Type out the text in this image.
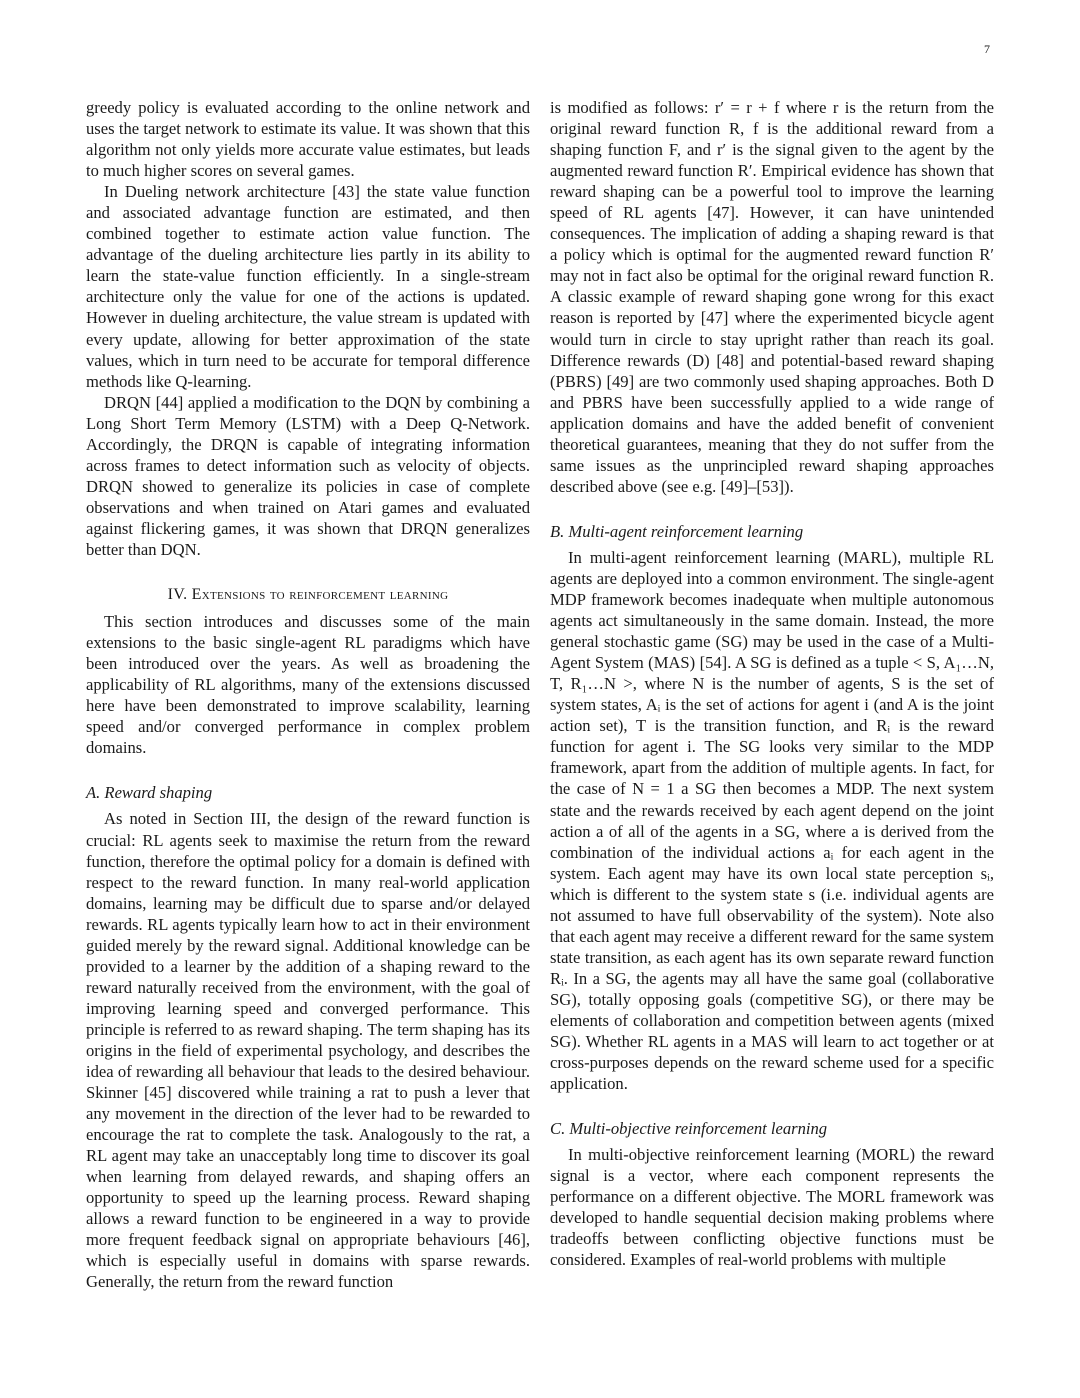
7

greedy policy is evaluated according to the online network and uses the target network to estimate its value. It was shown that this algorithm not only yields more accurate value estimates, but leads to much higher scores on several games.

In Dueling network architecture [43] the state value function and associated advantage function are estimated, and then combined together to estimate action value function. The advantage of the dueling architecture lies partly in its ability to learn the state-value function efficiently. In a single-stream architecture only the value for one of the actions is updated. However in dueling architecture, the value stream is updated with every update, allowing for better approximation of the state values, which in turn need to be accurate for temporal difference methods like Q-learning.

DRQN [44] applied a modification to the DQN by combining a Long Short Term Memory (LSTM) with a Deep Q-Network. Accordingly, the DRQN is capable of integrating information across frames to detect information such as velocity of objects. DRQN showed to generalize its policies in case of complete observations and when trained on Atari games and evaluated against flickering games, it was shown that DRQN generalizes better than DQN.

IV. Extensions to reinforcement learning

This section introduces and discusses some of the main extensions to the basic single-agent RL paradigms which have been introduced over the years. As well as broadening the applicability of RL algorithms, many of the extensions discussed here have been demonstrated to improve scalability, learning speed and/or converged performance in complex problem domains.

A. Reward shaping

As noted in Section III, the design of the reward function is crucial: RL agents seek to maximise the return from the reward function, therefore the optimal policy for a domain is defined with respect to the reward function. In many real-world application domains, learning may be difficult due to sparse and/or delayed rewards. RL agents typically learn how to act in their environment guided merely by the reward signal. Additional knowledge can be provided to a learner by the addition of a shaping reward to the reward naturally received from the environment, with the goal of improving learning speed and converged performance. This principle is referred to as reward shaping. The term shaping has its origins in the field of experimental psychology, and describes the idea of rewarding all behaviour that leads to the desired behaviour. Skinner [45] discovered while training a rat to push a lever that any movement in the direction of the lever had to be rewarded to encourage the rat to complete the task. Analogously to the rat, a RL agent may take an unacceptably long time to discover its goal when learning from delayed rewards, and shaping offers an opportunity to speed up the learning process. Reward shaping allows a reward function to be engineered in a way to provide more frequent feedback signal on appropriate behaviours [46], which is especially useful in domains with sparse rewards. Generally, the return from the reward function

is modified as follows: r′ = r + f where r is the return from the original reward function R, f is the additional reward from a shaping function F, and r′ is the signal given to the agent by the augmented reward function R′. Empirical evidence has shown that reward shaping can be a powerful tool to improve the learning speed of RL agents [47]. However, it can have unintended consequences. The implication of adding a shaping reward is that a policy which is optimal for the augmented reward function R′ may not in fact also be optimal for the original reward function R. A classic example of reward shaping gone wrong for this exact reason is reported by [47] where the experimented bicycle agent would turn in circle to stay upright rather than reach its goal. Difference rewards (D) [48] and potential-based reward shaping (PBRS) [49] are two commonly used shaping approaches. Both D and PBRS have been successfully applied to a wide range of application domains and have the added benefit of convenient theoretical guarantees, meaning that they do not suffer from the same issues as the unprincipled reward shaping approaches described above (see e.g. [49]–[53]).

B. Multi-agent reinforcement learning

In multi-agent reinforcement learning (MARL), multiple RL agents are deployed into a common environment. The single-agent MDP framework becomes inadequate when multiple autonomous agents act simultaneously in the same domain. Instead, the more general stochastic game (SG) may be used in the case of a Multi-Agent System (MAS) [54]. A SG is defined as a tuple < S, A₁…N, T, R₁…N >, where N is the number of agents, S is the set of system states, Aᵢ is the set of actions for agent i (and A is the joint action set), T is the transition function, and Rᵢ is the reward function for agent i. The SG looks very similar to the MDP framework, apart from the addition of multiple agents. In fact, for the case of N = 1 a SG then becomes a MDP. The next system state and the rewards received by each agent depend on the joint action a of all of the agents in a SG, where a is derived from the combination of the individual actions aᵢ for each agent in the system. Each agent may have its own local state perception sᵢ, which is different to the system state s (i.e. individual agents are not assumed to have full observability of the system). Note also that each agent may receive a different reward for the same system state transition, as each agent has its own separate reward function Rᵢ. In a SG, the agents may all have the same goal (collaborative SG), totally opposing goals (competitive SG), or there may be elements of collaboration and competition between agents (mixed SG). Whether RL agents in a MAS will learn to act together or at cross-purposes depends on the reward scheme used for a specific application.

C. Multi-objective reinforcement learning

In multi-objective reinforcement learning (MORL) the reward signal is a vector, where each component represents the performance on a different objective. The MORL framework was developed to handle sequential decision making problems where tradeoffs between conflicting objective functions must be considered. Examples of real-world problems with multiple
